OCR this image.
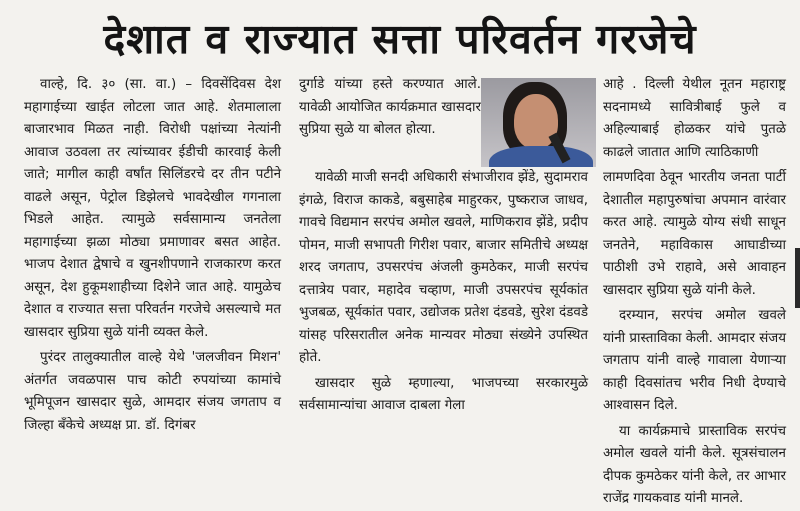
देशात व राज्यात सत्ता परिवर्तन गरजेचे

वाल्हे, दि. ३० (सा. वा.) – दिवसेंदिवस देश महागाईच्या खाईत लोटला जात आहे. शेतमालाला बाजारभाव मिळत नाही. विरोधी पक्षांच्या नेत्यांनी आवाज उठवला तर त्यांच्यावर ईडीची कारवाई केली जाते; मागील काही वर्षांत सिलिंडरचे दर तीन पटीने वाढले असून, पेट्रोल डिझेलचे भावदेखील गगनाला भिडले आहेत. त्यामुळे सर्वसामान्य जनतेला महागाईच्या झळा मोठ्या प्रमाणावर बसत आहेत. भाजप देशात द्वेषाचे व खुनशीपणाने राजकारण करत असून, देश हुकूमशाहीच्या दिशेने जात आहे. यामुळेच देशात व राज्यात सत्ता परिवर्तन गरजेचे असल्याचे मत खासदार सुप्रिया सुळे यांनी व्यक्त केले.

पुरंदर तालुक्यातील वाल्हे येथे 'जलजीवन मिशन' अंतर्गत जवळपास पाच कोटी रुपयांच्या कामांचे भूमिपूजन खासदार सुळे, आमदार संजय जगताप व जिल्हा बँकेचे अध्यक्ष प्रा. डॉ. दिगंबर

दुर्गाडे यांच्या हस्ते करण्यात आले. यावेळी आयोजित कार्यक्रमात खासदार सुप्रिया सुळे या बोलत होत्या.

यावेळी माजी सनदी अधिकारी संभाजीराव झेंडे, सुदामराव इंगळे, विराज काकडे, बबुसाहेब माहुरकर, पुष्कराज जाधव, गावचे विद्यमान सरपंच अमोल खवले, माणिकराव झेंडे, प्रदीप पोमन, माजी सभापती गिरीश पवार, बाजार समितीचे अध्यक्ष शरद जगताप, उपसरपंच अंजली कुमठेकर, माजी सरपंच दत्तात्रेय पवार, महादेव चव्हाण, माजी उपसरपंच सूर्यकांत भुजबळ, सूर्यकांत पवार, उद्योजक प्रतेश दंडवडे, सुरेश दंडवडे यांसह परिसरातील अनेक मान्यवर मोठ्या संख्येने उपस्थित होते.

खासदार सुळे म्हणाल्या, भाजपच्या सरकारमुळे सर्वसामान्यांचा आवाज दाबला गेला

आहे . दिल्ली येथील नूतन महाराष्ट्र सदनामध्ये सावित्रीबाई फुले व अहिल्याबाई होळकर यांचे पुतळे काढले जातात आणि त्याठिकाणी

लामणदिवा ठेवून भारतीय जनता पार्टी देशातील महापुरुषांचा अपमान वारंवार करत आहे. त्यामुळे योग्य संधी साधून जनतेने, महाविकास आघाडीच्या पाठीशी उभे राहावे, असे आवाहन खासदार सुप्रिया सुळे यांनी केले.

दरम्यान, सरपंच अमोल खवले यांनी प्रास्ताविका केली. आमदार संजय जगताप यांनी वाल्हे गावाला येणाऱ्या काही दिवसांतच भरीव निधी देण्याचे आश्वासन दिले.

या कार्यक्रमाचे प्रास्ताविक सरपंच अमोल खवले यांनी केले. सूत्रसंचालन दीपक कुमठेकर यांनी केले, तर आभार राजेंद्र गायकवाड यांनी मानले.
